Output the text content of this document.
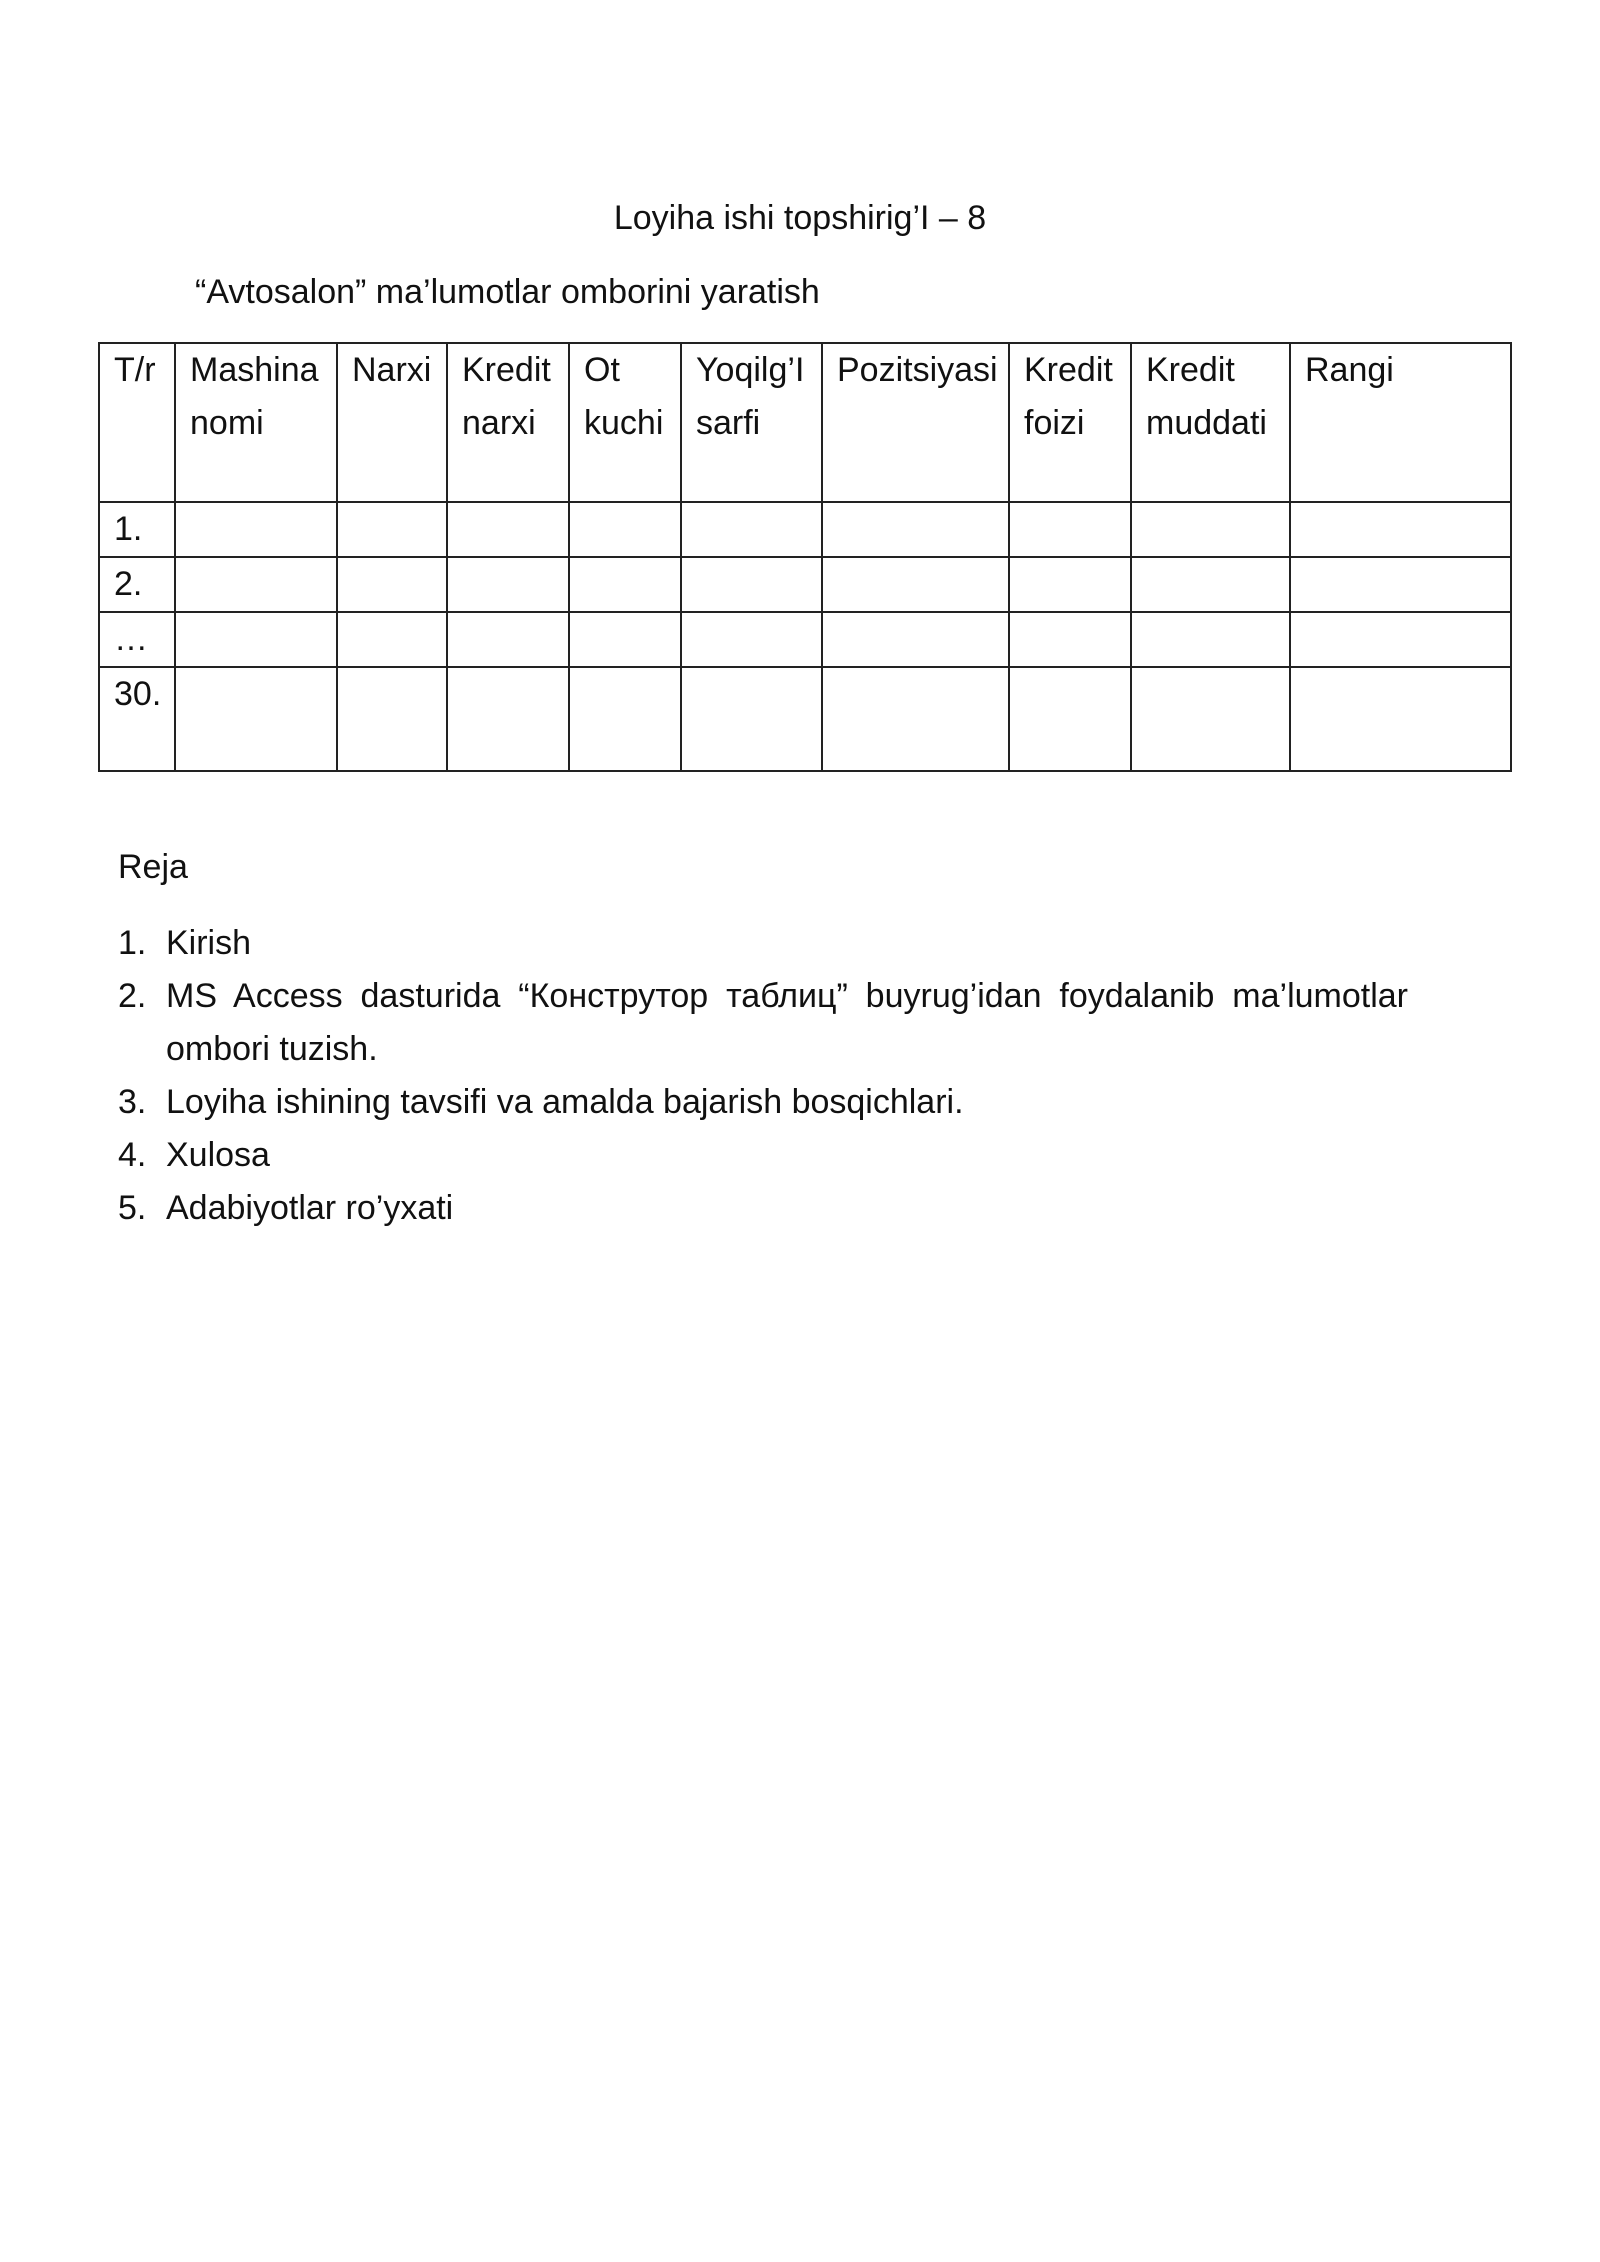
Loyiha ishi topshirig’I – 8
“Avtosalon” ma’lumotlar omborini yaratish
T/r	Mashina nomi	Narxi	Kredit narxi	Ot kuchi	Yoqilg’I sarfi	Pozitsiyasi	Kredit foizi	Kredit muddati	Rangi
1.									
2.									
…									
30.									
Reja
1. Kirish
2. MS Access dasturida “Конструтор таблиц” buyrug’idan foydalanib ma’lumotlar ombori tuzish.
3. Loyiha ishining tavsifi va amalda bajarish bosqichlari.
4. Xulosa
5. Adabiyotlar ro’yxati
